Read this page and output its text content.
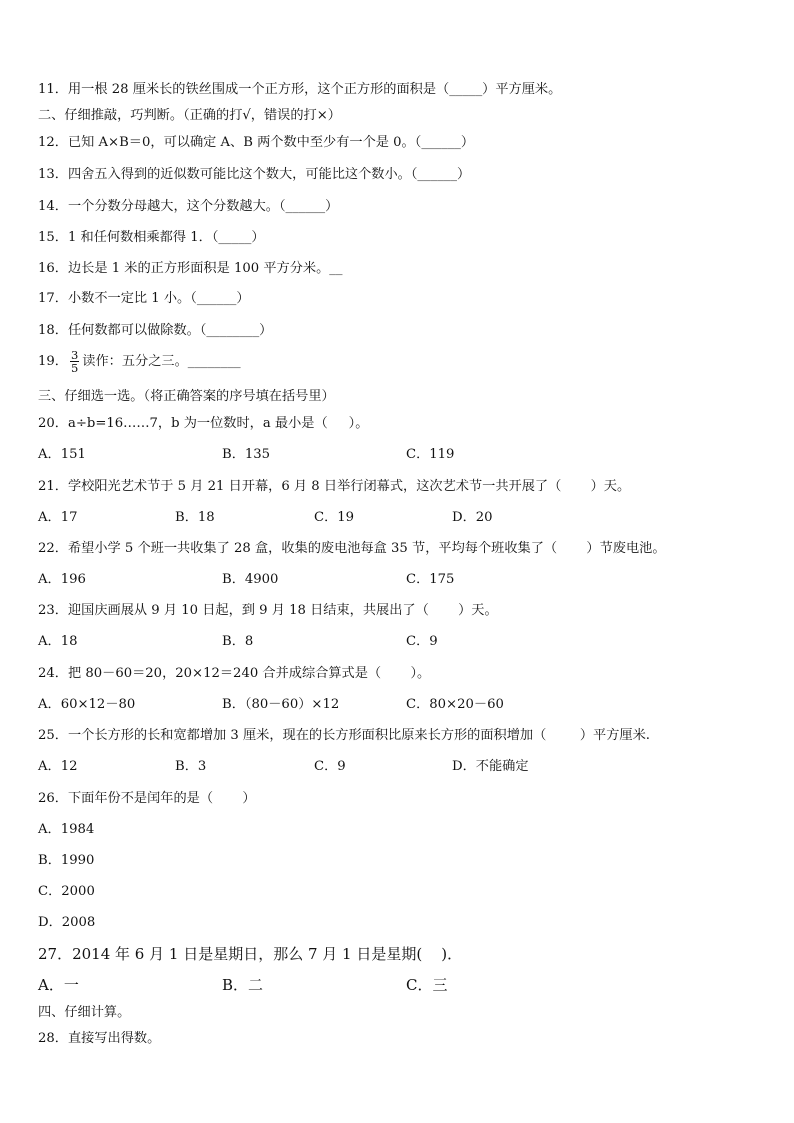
11．用一根 28 厘米长的铁丝围成一个正方形，这个正方形的面积是（_____）平方厘米。
二、仔细推敲，巧判断。（正确的打√，错误的打×）
12．已知 A×B＝0，可以确定 A、B 两个数中至少有一个是 0。（______）
13．四舍五入得到的近似数可能比这个数大，可能比这个数小。（______）
14．一个分数分母越大，这个分数越大。（______）
15．1 和任何数相乘都得 1．（_____）
16．边长是 1 米的正方形面积是 100 平方分米。__
17．小数不一定比 1 小。（______）
18．任何数都可以做除数。（________）
19． $\frac{3}{5}$ 读作：五分之三。________
三、仔细选一选。（将正确答案的序号填在括号里）
20．a÷b=16……7，b 为一位数时，a 最小是（     ）。
A．151	B．135	C．119
21．学校阳光艺术节于 5 月 21 日开幕，6 月 8 日举行闭幕式，这次艺术节一共开展了（       ）天。
A．17	B．18	C．19	D．20
22．希望小学 5 个班一共收集了 28 盒，收集的废电池每盒 35 节，平均每个班收集了（       ）节废电池。
A．196	B．4900	C．175
23．迎国庆画展从 9 月 10 日起，到 9 月 18 日结束，共展出了（       ）天。
A．18	B．8	C．9
24．把 80－60＝20，20×12＝240 合并成综合算式是（       ）。
A．60×12－80	B．（80－60）×12	C．80×20－60
25．一个长方形的长和宽都增加 3 厘米，现在的长方形面积比原来长方形的面积增加（        ）平方厘米.
A．12	B．3	C．9	D．不能确定
26．下面年份不是闰年的是（       ）
A．1984
B．1990
C．2000
D．2008
27．2014 年 6 月 1 日是星期日，那么 7 月 1 日是星期(    )．
A．一	B．二	C．三
四、仔细计算。
28．直接写出得数。
